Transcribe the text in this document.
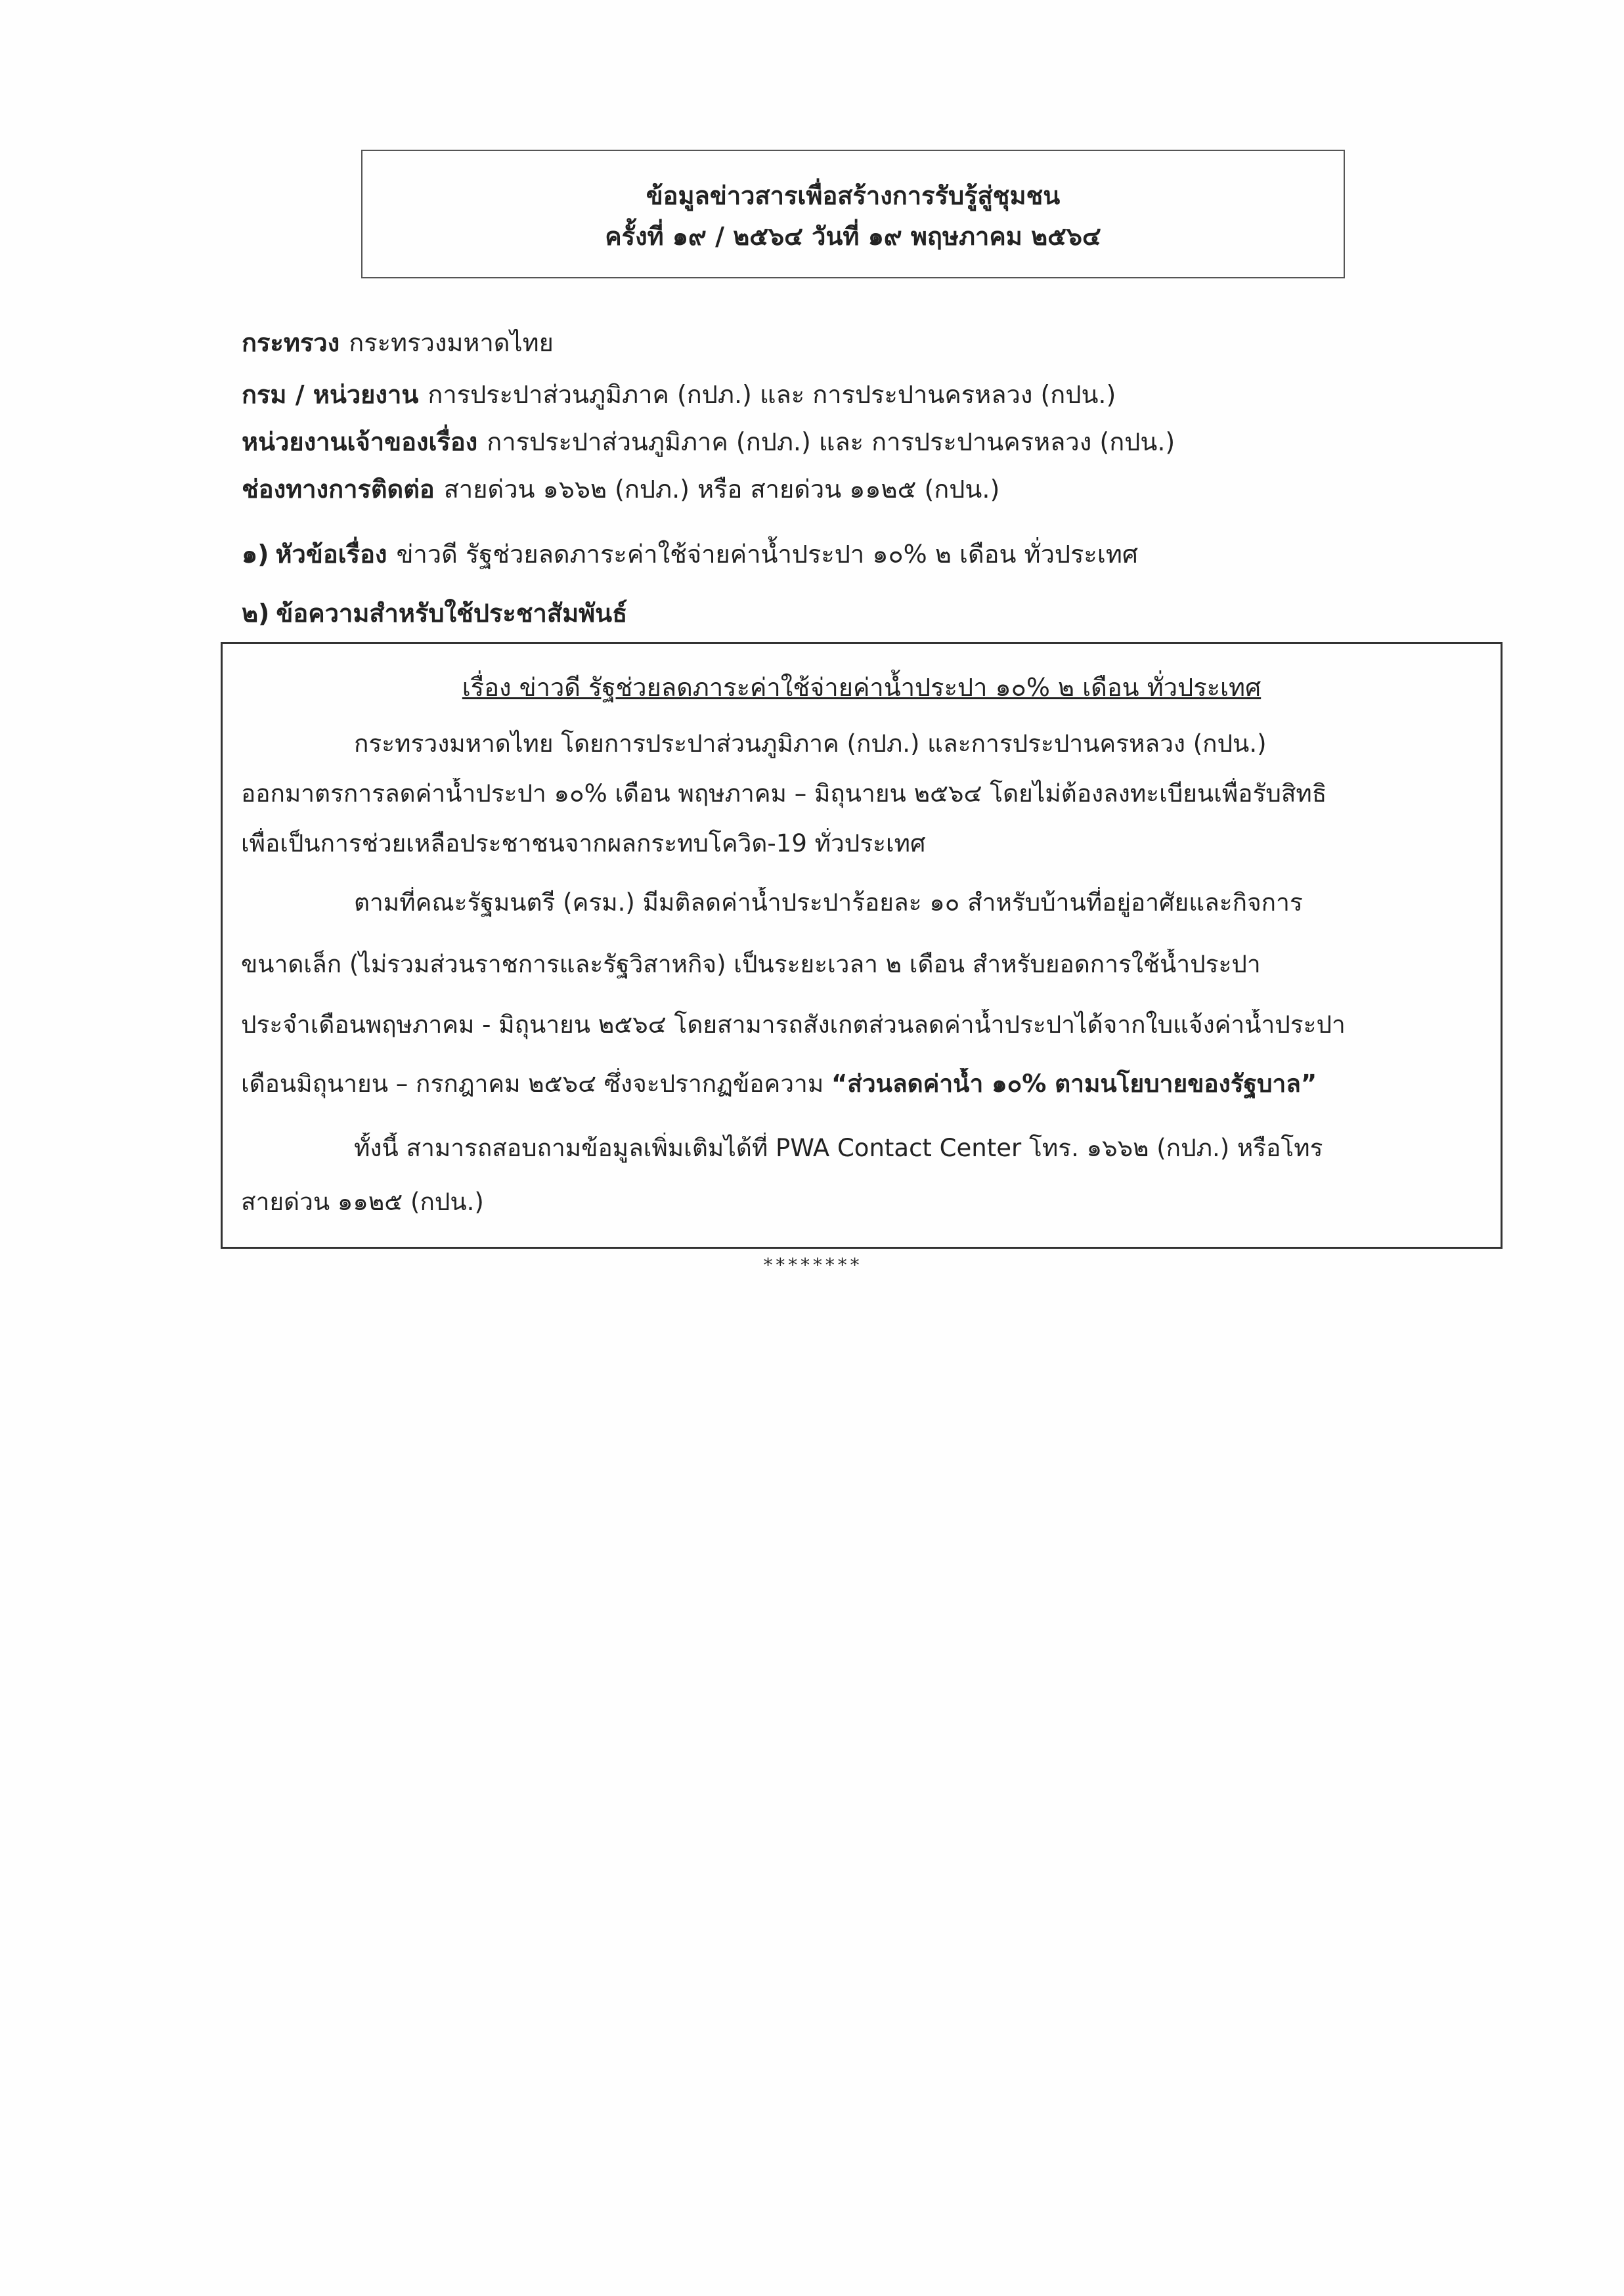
ข้อมูลข่าวสารเพื่อสร้างการรับรู้สู่ชุมชน
ครั้งที่ ๑๙ / ๒๕๖๔ วันที่ ๑๙ พฤษภาคม ๒๕๖๔
กระทรวง กระทรวงมหาดไทย
กรม / หน่วยงาน การประปาส่วนภูมิภาค (กปภ.) และ การประปานครหลวง (กปน.)
หน่วยงานเจ้าของเรื่อง การประปาส่วนภูมิภาค (กปภ.) และ การประปานครหลวง (กปน.)
ช่องทางการติดต่อ สายด่วน ๑๖๖๒ (กปภ.) หรือ สายด่วน ๑๑๒๕ (กปน.)
๑) หัวข้อเรื่อง ข่าวดี รัฐช่วยลดภาระค่าใช้จ่ายค่าน้ำประปา ๑๐% ๒ เดือน ทั่วประเทศ
๒) ข้อความสำหรับใช้ประชาสัมพันธ์
เรื่อง ข่าวดี รัฐช่วยลดภาระค่าใช้จ่ายค่าน้ำประปา ๑๐% ๒ เดือน ทั่วประเทศ
กระทรวงมหาดไทย โดยการประปาส่วนภูมิภาค (กปภ.) และการประปานครหลวง (กปน.)
ออกมาตรการลดค่าน้ำประปา ๑๐% เดือน พฤษภาคม – มิถุนายน ๒๕๖๔ โดยไม่ต้องลงทะเบียนเพื่อรับสิทธิ
เพื่อเป็นการช่วยเหลือประชาชนจากผลกระทบโควิด-19 ทั่วประเทศ
ตามที่คณะรัฐมนตรี (ครม.) มีมติลดค่าน้ำประปาร้อยละ ๑๐ สำหรับบ้านที่อยู่อาศัยและกิจการ
ขนาดเล็ก (ไม่รวมส่วนราชการและรัฐวิสาหกิจ) เป็นระยะเวลา ๒ เดือน สำหรับยอดการใช้น้ำประปา
ประจำเดือนพฤษภาคม - มิถุนายน ๒๕๖๔ โดยสามารถสังเกตส่วนลดค่าน้ำประปาได้จากใบแจ้งค่าน้ำประปา
เดือนมิถุนายน – กรกฎาคม ๒๕๖๔ ซึ่งจะปรากฏข้อความ “ส่วนลดค่าน้ำ ๑๐% ตามนโยบายของรัฐบาล”
ทั้งนี้ สามารถสอบถามข้อมูลเพิ่มเติมได้ที่ PWA Contact Center โทร. ๑๖๖๒ (กปภ.) หรือโทร
สายด่วน ๑๑๒๕ (กปน.)
********
